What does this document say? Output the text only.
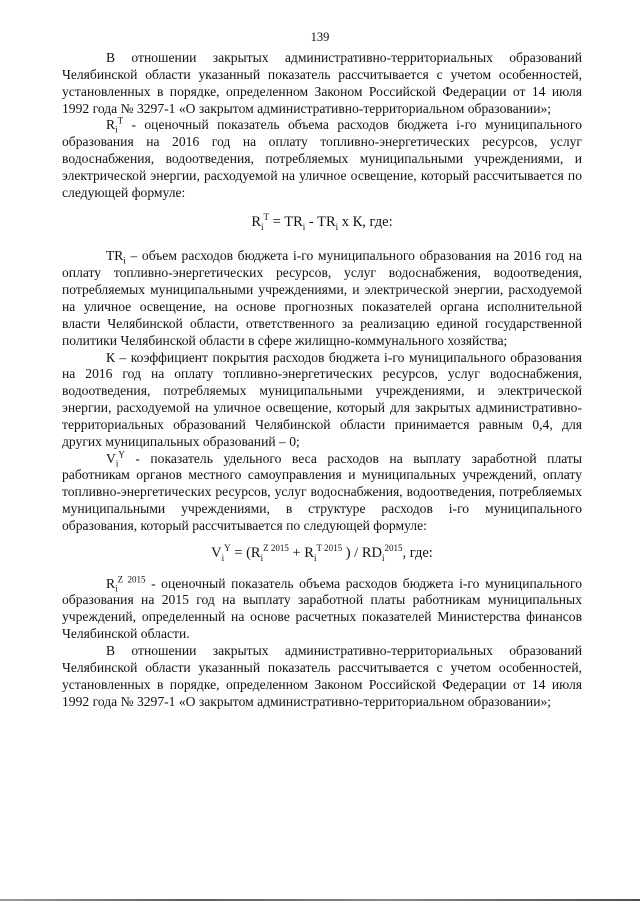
139

В отношении закрытых административно-территориальных образований Челябинской области указанный показатель рассчитывается с учетом особенностей, установленных в порядке, определенном Законом Российской Федерации от 14 июля 1992 года № 3297-1 «О закрытом административно-территориальном образовании»;

$R_i^T$ - оценочный показатель объема расходов бюджета i-го муниципального образования на 2016 год на оплату топливно-энергетических ресурсов, услуг водоснабжения, водоотведения, потребляемых муниципальными учреждениями, и электрической энергии, расходуемой на уличное освещение, который рассчитывается по следующей формуле:

$R_i^T = TR_i - TR_i$ х К, где:

$TR_i$ – объем расходов бюджета i-го муниципального образования на 2016 год на оплату топливно-энергетических ресурсов, услуг водоснабжения, водоотведения, потребляемых муниципальными учреждениями, и электрической энергии, расходуемой на уличное освещение, на основе прогнозных показателей органа исполнительной власти Челябинской области, ответственного за реализацию единой государственной политики Челябинской области в сфере жилищно-коммунального хозяйства;

К – коэффициент покрытия расходов бюджета i-го муниципального образования на 2016 год на оплату топливно-энергетических ресурсов, услуг водоснабжения, водоотведения, потребляемых муниципальными учреждениями, и электрической энергии, расходуемой на уличное освещение, который для закрытых административно-территориальных образований Челябинской области принимается равным 0,4, для других муниципальных образований – 0;

$V_i^Y$ - показатель удельного веса расходов на выплату заработной платы работникам органов местного самоуправления и муниципальных учреждений, оплату топливно-энергетических ресурсов, услуг водоснабжения, водоотведения, потребляемых муниципальными учреждениями, в структуре расходов i-го муниципального образования, который рассчитывается по следующей формуле:

$V_i^Y = (R_i^{Z 2015} + R_i^{T 2015}$ ) / $RD_i^{2015}$, где:

$R_i^{Z 2015}$ - оценочный показатель объема расходов бюджета i-го муниципального образования на 2015 год на выплату заработной платы работникам муниципальных учреждений, определенный на основе расчетных показателей Министерства финансов Челябинской области.

В отношении закрытых административно-территориальных образований Челябинской области указанный показатель рассчитывается с учетом особенностей, установленных в порядке, определенном Законом Российской Федерации от 14 июля 1992 года № 3297-1 «О закрытом административно-территориальном образовании»;
